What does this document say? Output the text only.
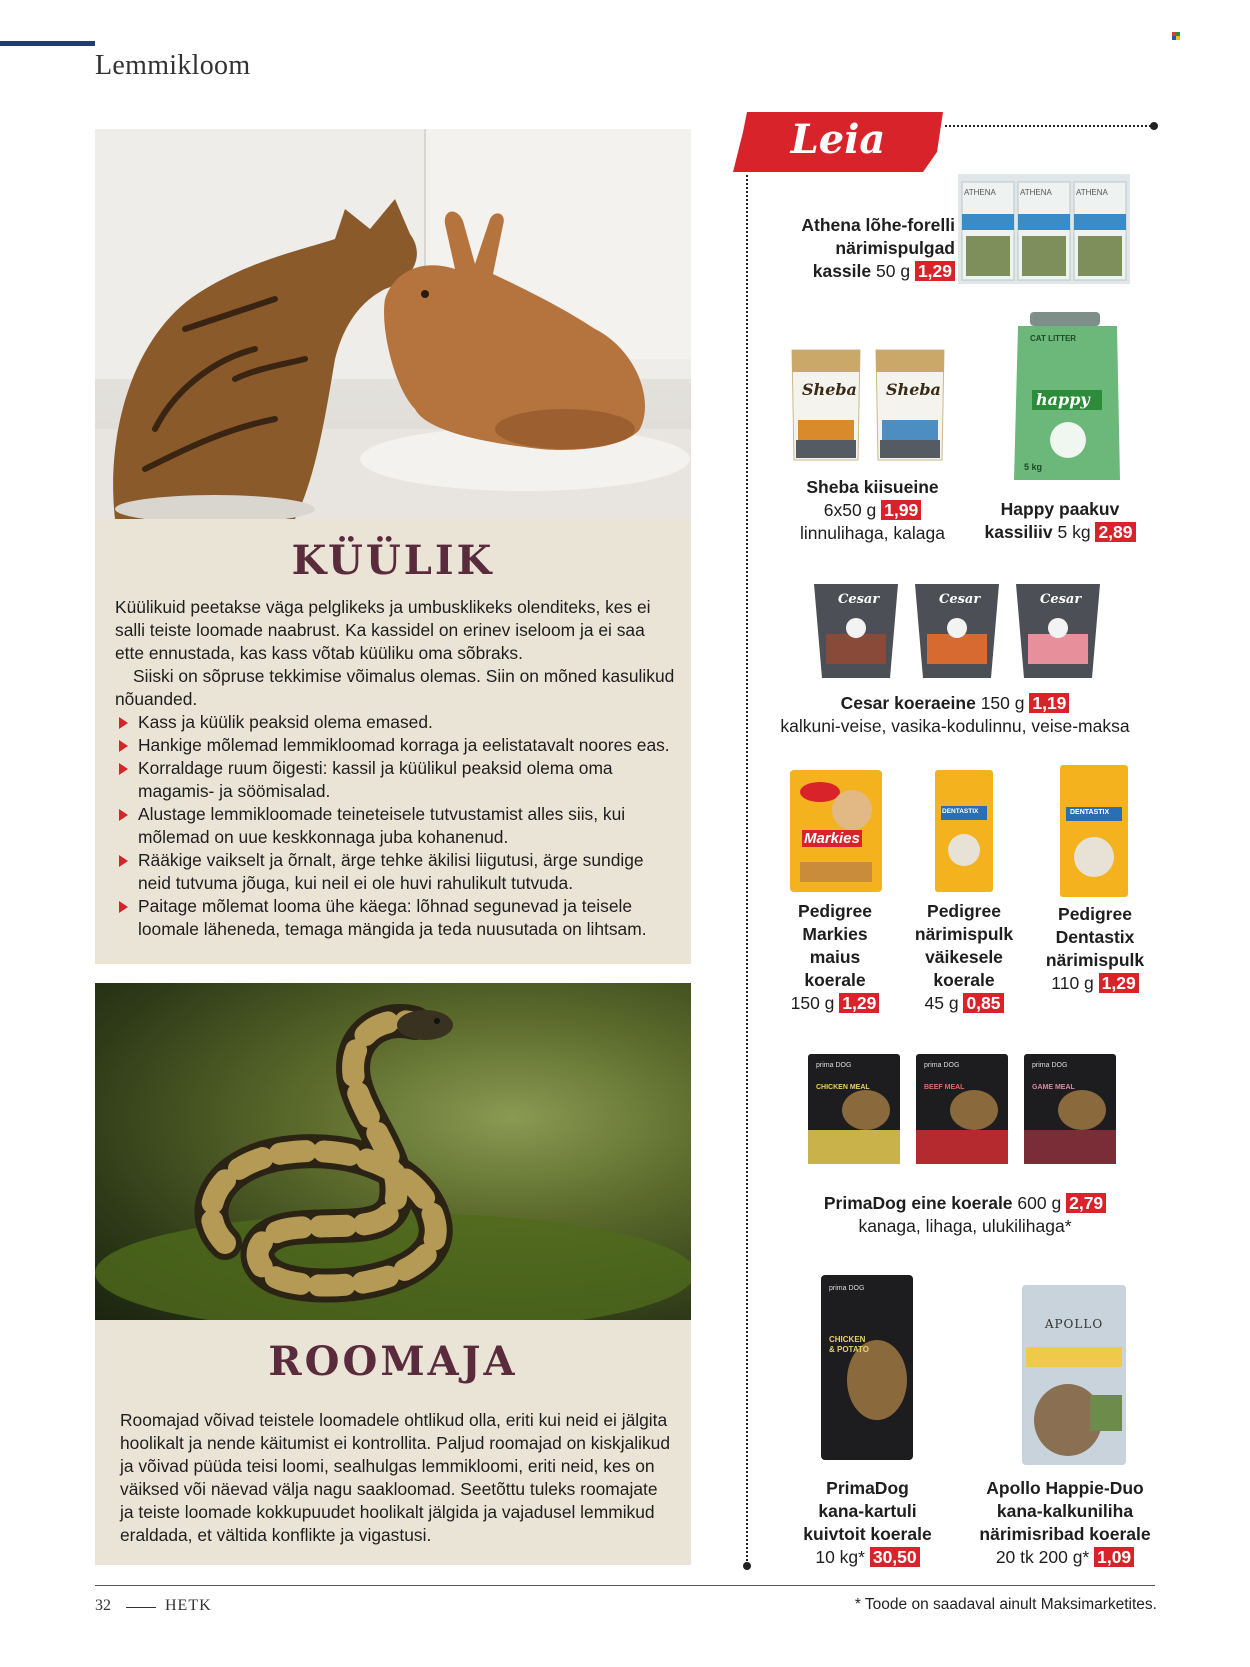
Lemmikloom
KÜÜLIK

Küülikuid peetakse väga pelglikeks ja umbusklikeks olenditeks, kes ei salli teiste loomade naabrust. Ka kassidel on erinev iseloom ja ei saa ette ennustada, kas kass võtab küüliku oma sõbraks.

Siiski on sõpruse tekkimise võimalus olemas. Siin on mõned kasulikud nõuanded.

Kass ja küülik peaksid olema emased.
Hankige mõlemad lemmikloomad korraga ja eelistatavalt noores eas.
Korraldage ruum õigesti: kassil ja küülikul peaksid olema oma magamis- ja söömisalad.
Alustage lemmikloomade teineteisele tutvustamist alles siis, kui mõlemad on uue keskkonnaga juba kohanenud.
Rääkige vaikselt ja õrnalt, ärge tehke äkilisi liigutusi, ärge sundige neid tutvuma jõuga, kui neil ei ole huvi rahulikult tutvuda.
Paitage mõlemat looma ühe käega: lõhnad segunevad ja teisele loomale läheneda, temaga mängida ja teda nuusutada on lihtsam.
ROOMAJA
Roomajad võivad teistele loomadele ohtlikud olla, eriti kui neid ei jälgita hoolikalt ja nende käitumist ei kontrollita. Paljud roomajad on kiskjalikud ja võivad püüda teisi loomi, sealhulgas lemmikloomi, eriti neid, kes on väiksed või näevad välja nagu saakloomad. Seetõttu tuleks roomajate ja teiste loomade kokkupuudet hoolikalt jälgida ja vajadusel lemmikud eraldada, et vältida konflikte ja vigastusi.
Leia poest	ATHENA	ATHENA	ATHENA
Athena lõhe-forelli
närimispulgad
kassile 50 g 1,29
Sheba Sheba
Sheba kiisueine
6x50 g 1,99
linnulihaga, kalaga
CAT LITTER
happy
5 kg
Happy paakuv
kassiliiv 5 kg 2,89
Cesar	Cesar	Cesar
Cesar koeraeine 150 g 1,19
kalkuni-veise, vasika-kodulinnu, veise-maksa
Markies
Pedigree
Markies
maius
koerale
150 g 1,29
DENTASTIX
Pedigree
närimispulk
väikesele
koerale
45 g 0,85
DENTASTIX
Pedigree
Dentastix
närimispulk
110 g 1,29
prima DOG	prima DOG	prima DOG
CHICKEN MEAL	BEEF MEAL	GAME MEAL
PrimaDog eine koerale 600 g 2,79
kanaga, lihaga, ulukilihaga*
prima DOG
CHICKEN & POTATO
PrimaDog
kana-kartuli
kuivtoit koerale
10 kg* 30,50
APOLLO
Apollo Happie-Duo
kana-kalkuniliha
närimisribad koerale
20 tk 200 g* 1,09
32	HETK	* Toode on saadaval ainult Maksimarketites.
